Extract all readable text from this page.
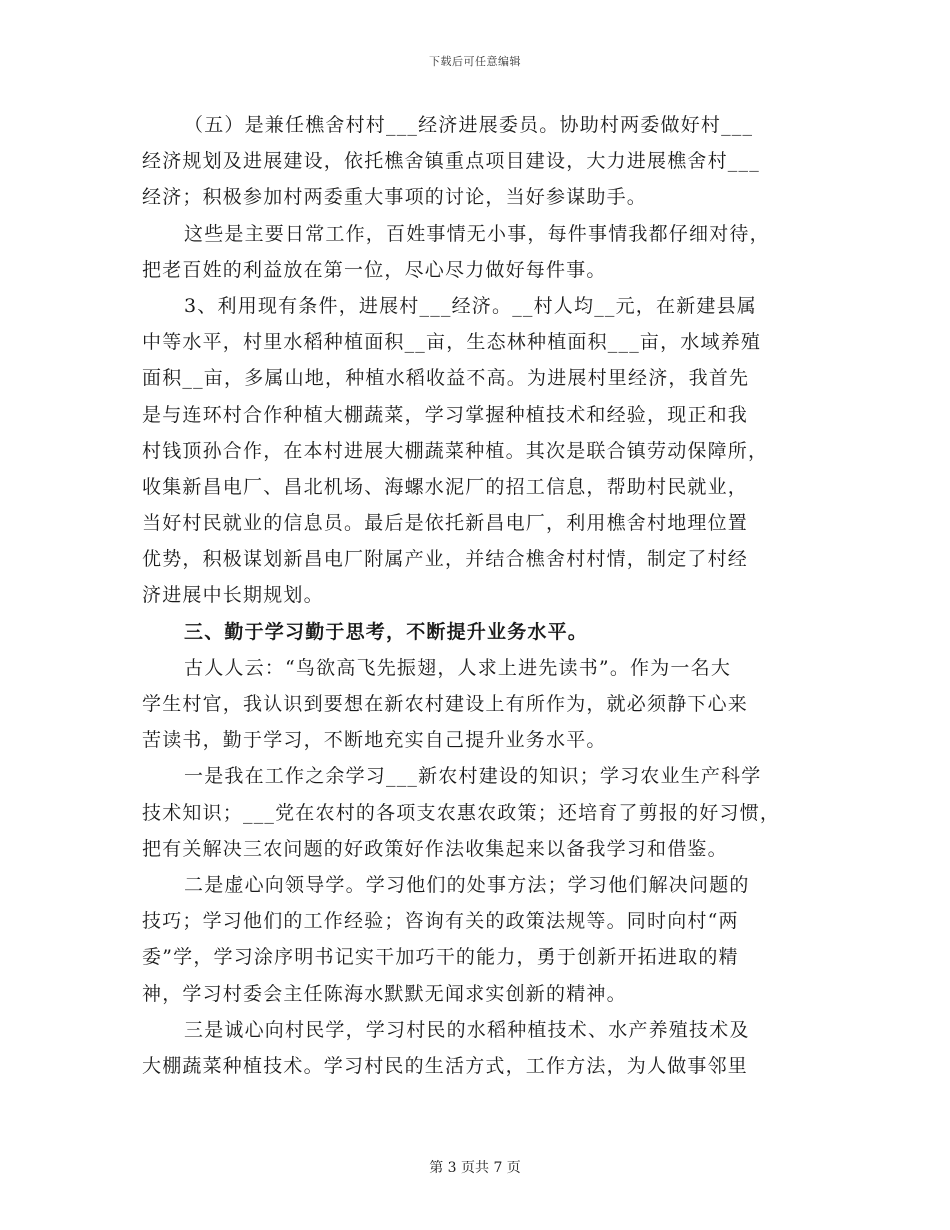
下载后可任意编辑
（五）是兼任樵舍村村___经济进展委员。协助村两委做好村___
经济规划及进展建设，依托樵舍镇重点项目建设，大力进展樵舍村___
经济；积极参加村两委重大事项的讨论，当好参谋助手。
这些是主要日常工作，百姓事情无小事，每件事情我都仔细对待，
把老百姓的利益放在第一位，尽心尽力做好每件事。
3、利用现有条件，进展村___经济。__村人均__元，在新建县属
中等水平，村里水稻种植面积__亩，生态林种植面积___亩，水域养殖
面积__亩，多属山地，种植水稻收益不高。为进展村里经济，我首先
是与连环村合作种植大棚蔬菜，学习掌握种植技术和经验，现正和我
村钱顶孙合作，在本村进展大棚蔬菜种植。其次是联合镇劳动保障所，
收集新昌电厂、昌北机场、海螺水泥厂的招工信息，帮助村民就业，
当好村民就业的信息员。最后是依托新昌电厂，利用樵舍村地理位置
优势，积极谋划新昌电厂附属产业，并结合樵舍村村情，制定了村经
济进展中长期规划。
三、勤于学习勤于思考，不断提升业务水平。
古人人云：“鸟欲高飞先振翅，人求上进先读书”。作为一名大
学生村官，我认识到要想在新农村建设上有所作为，就必须静下心来
苦读书，勤于学习，不断地充实自己提升业务水平。
一是我在工作之余学习___新农村建设的知识；学习农业生产科学
技术知识；___党在农村的各项支农惠农政策；还培育了剪报的好习惯，
把有关解决三农问题的好政策好作法收集起来以备我学习和借鉴。
二是虚心向领导学。学习他们的处事方法；学习他们解决问题的
技巧；学习他们的工作经验；咨询有关的政策法规等。同时向村“两
委”学，学习涂序明书记实干加巧干的能力，勇于创新开拓进取的精
神，学习村委会主任陈海水默默无闻求实创新的精神。
三是诚心向村民学，学习村民的水稻种植技术、水产养殖技术及
大棚蔬菜种植技术。学习村民的生活方式，工作方法，为人做事邻里
第 3 页共 7 页
